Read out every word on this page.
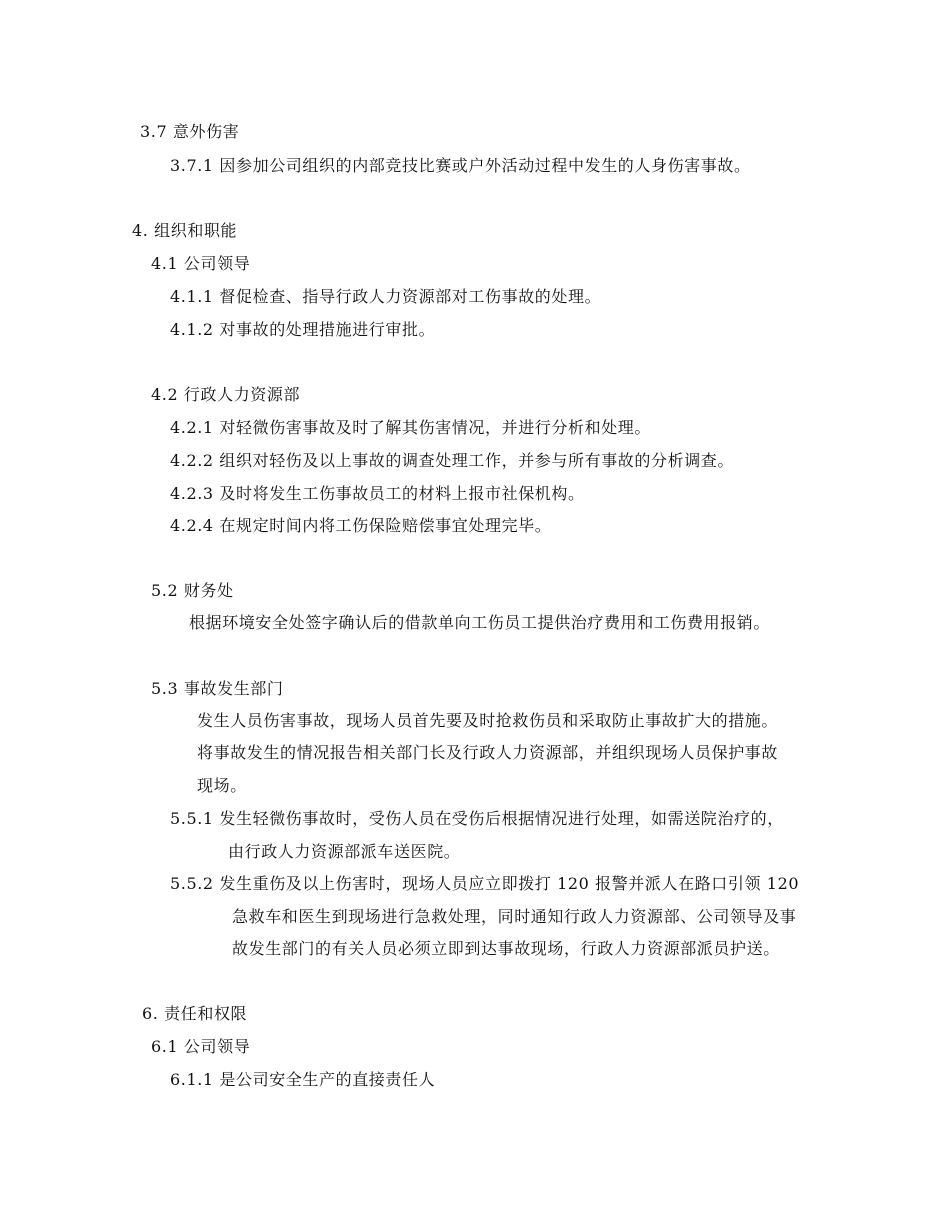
3.7 意外伤害
3.7.1 因参加公司组织的内部竞技比赛或户外活动过程中发生的人身伤害事故。
4. 组织和职能
4.1 公司领导
4.1.1 督促检查、指导行政人力资源部对工伤事故的处理。
4.1.2 对事故的处理措施进行审批。
4.2 行政人力资源部
4.2.1 对轻微伤害事故及时了解其伤害情况，并进行分析和处理。
4.2.2 组织对轻伤及以上事故的调查处理工作，并参与所有事故的分析调查。
4.2.3 及时将发生工伤事故员工的材料上报市社保机构。
4.2.4 在规定时间内将工伤保险赔偿事宜处理完毕。
5.2 财务处
根据环境安全处签字确认后的借款单向工伤员工提供治疗费用和工伤费用报销。
5.3 事故发生部门
发生人员伤害事故，现场人员首先要及时抢救伤员和采取防止事故扩大的措施。
将事故发生的情况报告相关部门长及行政人力资源部，并组织现场人员保护事故
现场。
5.5.1 发生轻微伤事故时，受伤人员在受伤后根据情况进行处理，如需送院治疗的，
由行政人力资源部派车送医院。
5.5.2 发生重伤及以上伤害时，现场人员应立即拨打 120 报警并派人在路口引领 120
急救车和医生到现场进行急救处理，同时通知行政人力资源部、公司领导及事
故发生部门的有关人员必须立即到达事故现场，行政人力资源部派员护送。
6. 责任和权限
6.1 公司领导
6.1.1 是公司安全生产的直接责任人
